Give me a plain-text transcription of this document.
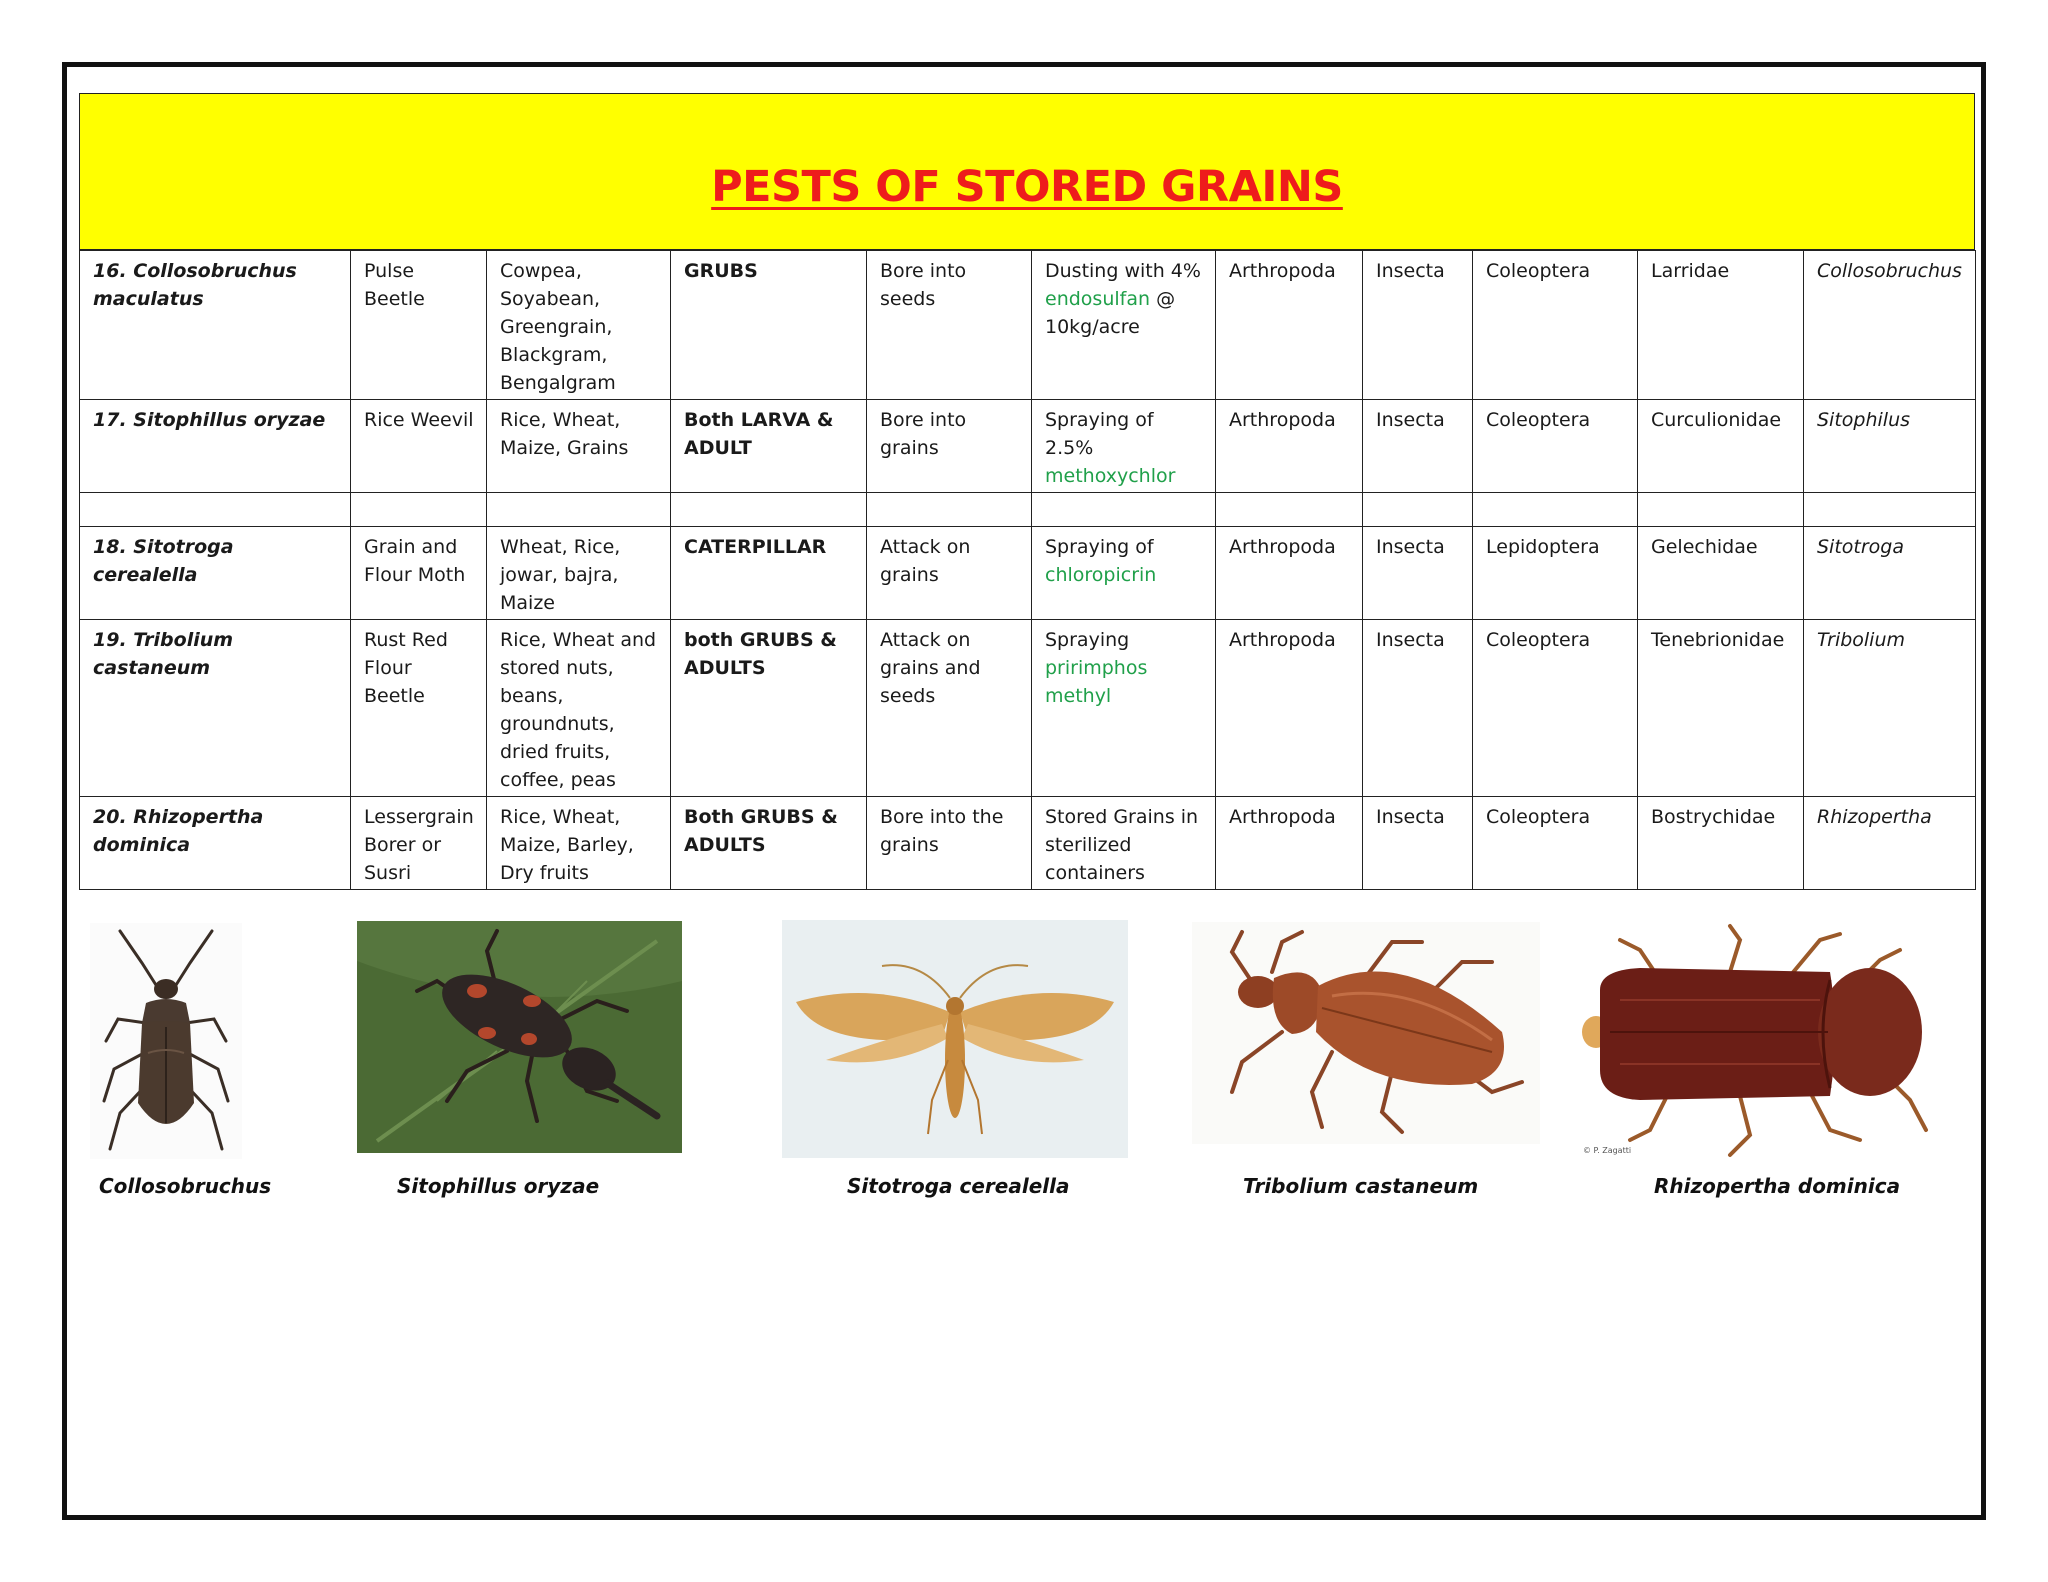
PESTS OF STORED GRAINS
16. Collosobruchus maculatus	Pulse Beetle	Cowpea, Soyabean, Greengrain, Blackgram, Bengalgram	GRUBS	Bore into seeds	Dusting with 4% endosulfan @ 10kg/acre	Arthropoda	Insecta	Coleoptera	Larridae	Collosobruchus
17. Sitophillus oryzae	Rice Weevil	Rice, Wheat, Maize, Grains	Both LARVA & ADULT	Bore into grains	Spraying of 2.5% methoxychlor	Arthropoda	Insecta	Coleoptera	Curculionidae	Sitophilus

18. Sitotroga cerealella	Grain and Flour Moth	Wheat, Rice, jowar, bajra, Maize	CATERPILLAR	Attack on grains	Spraying of chloropicrin	Arthropoda	Insecta	Lepidoptera	Gelechidae	Sitotroga
19. Tribolium castaneum	Rust Red Flour Beetle	Rice, Wheat and stored nuts, beans, groundnuts, dried fruits, coffee, peas	both GRUBS & ADULTS	Attack on grains and seeds	Spraying pririmphos methyl	Arthropoda	Insecta	Coleoptera	Tenebrionidae	Tribolium
20. Rhizopertha dominica	Lessergrain Borer or Susri	Rice, Wheat, Maize, Barley, Dry fruits	Both GRUBS & ADULTS	Bore into the grains	Stored Grains in sterilized containers	Arthropoda	Insecta	Coleoptera	Bostrychidae	Rhizopertha
© P. Zagatti
Collosobruchus	Sitophillus oryzae	Sitotroga cerealella	Tribolium castaneum	Rhizopertha dominica
